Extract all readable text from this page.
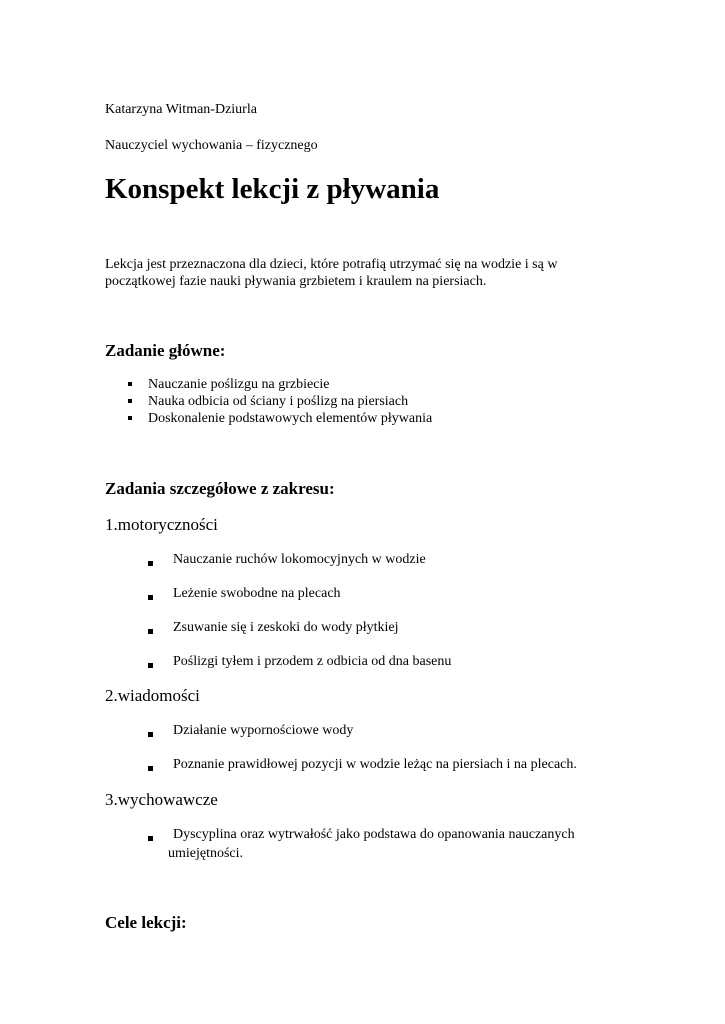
Katarzyna Witman-Dziurla

Nauczyciel wychowania – fizycznego

Konspekt lekcji z pływania

Lekcja jest przeznaczona dla dzieci, które potrafią utrzymać się na wodzie i są w

początkowej fazie nauki pływania grzbietem i kraulem na piersiach.

Zadanie główne:

Nauczanie poślizgu na grzbiecie

Nauka odbicia od ściany i poślizg na piersiach

Doskonalenie podstawowych elementów pływania

Zadania szczegółowe z zakresu:

1.motoryczności

Nauczanie ruchów lokomocyjnych w wodzie

Leżenie swobodne na plecach

Zsuwanie się i zeskoki do wody płytkiej

Poślizgi tyłem i przodem z odbicia od dna basenu

2.wiadomości

Działanie wyporności​owe wody

Poznanie prawidłowej pozycji w wodzie leżąc na piersiach i na plecach.

3.wychowawcze

Dyscyplina oraz wytrwałość jako podstawa do opanowania nauczanych

umiejętności.

Cele lekcji:
